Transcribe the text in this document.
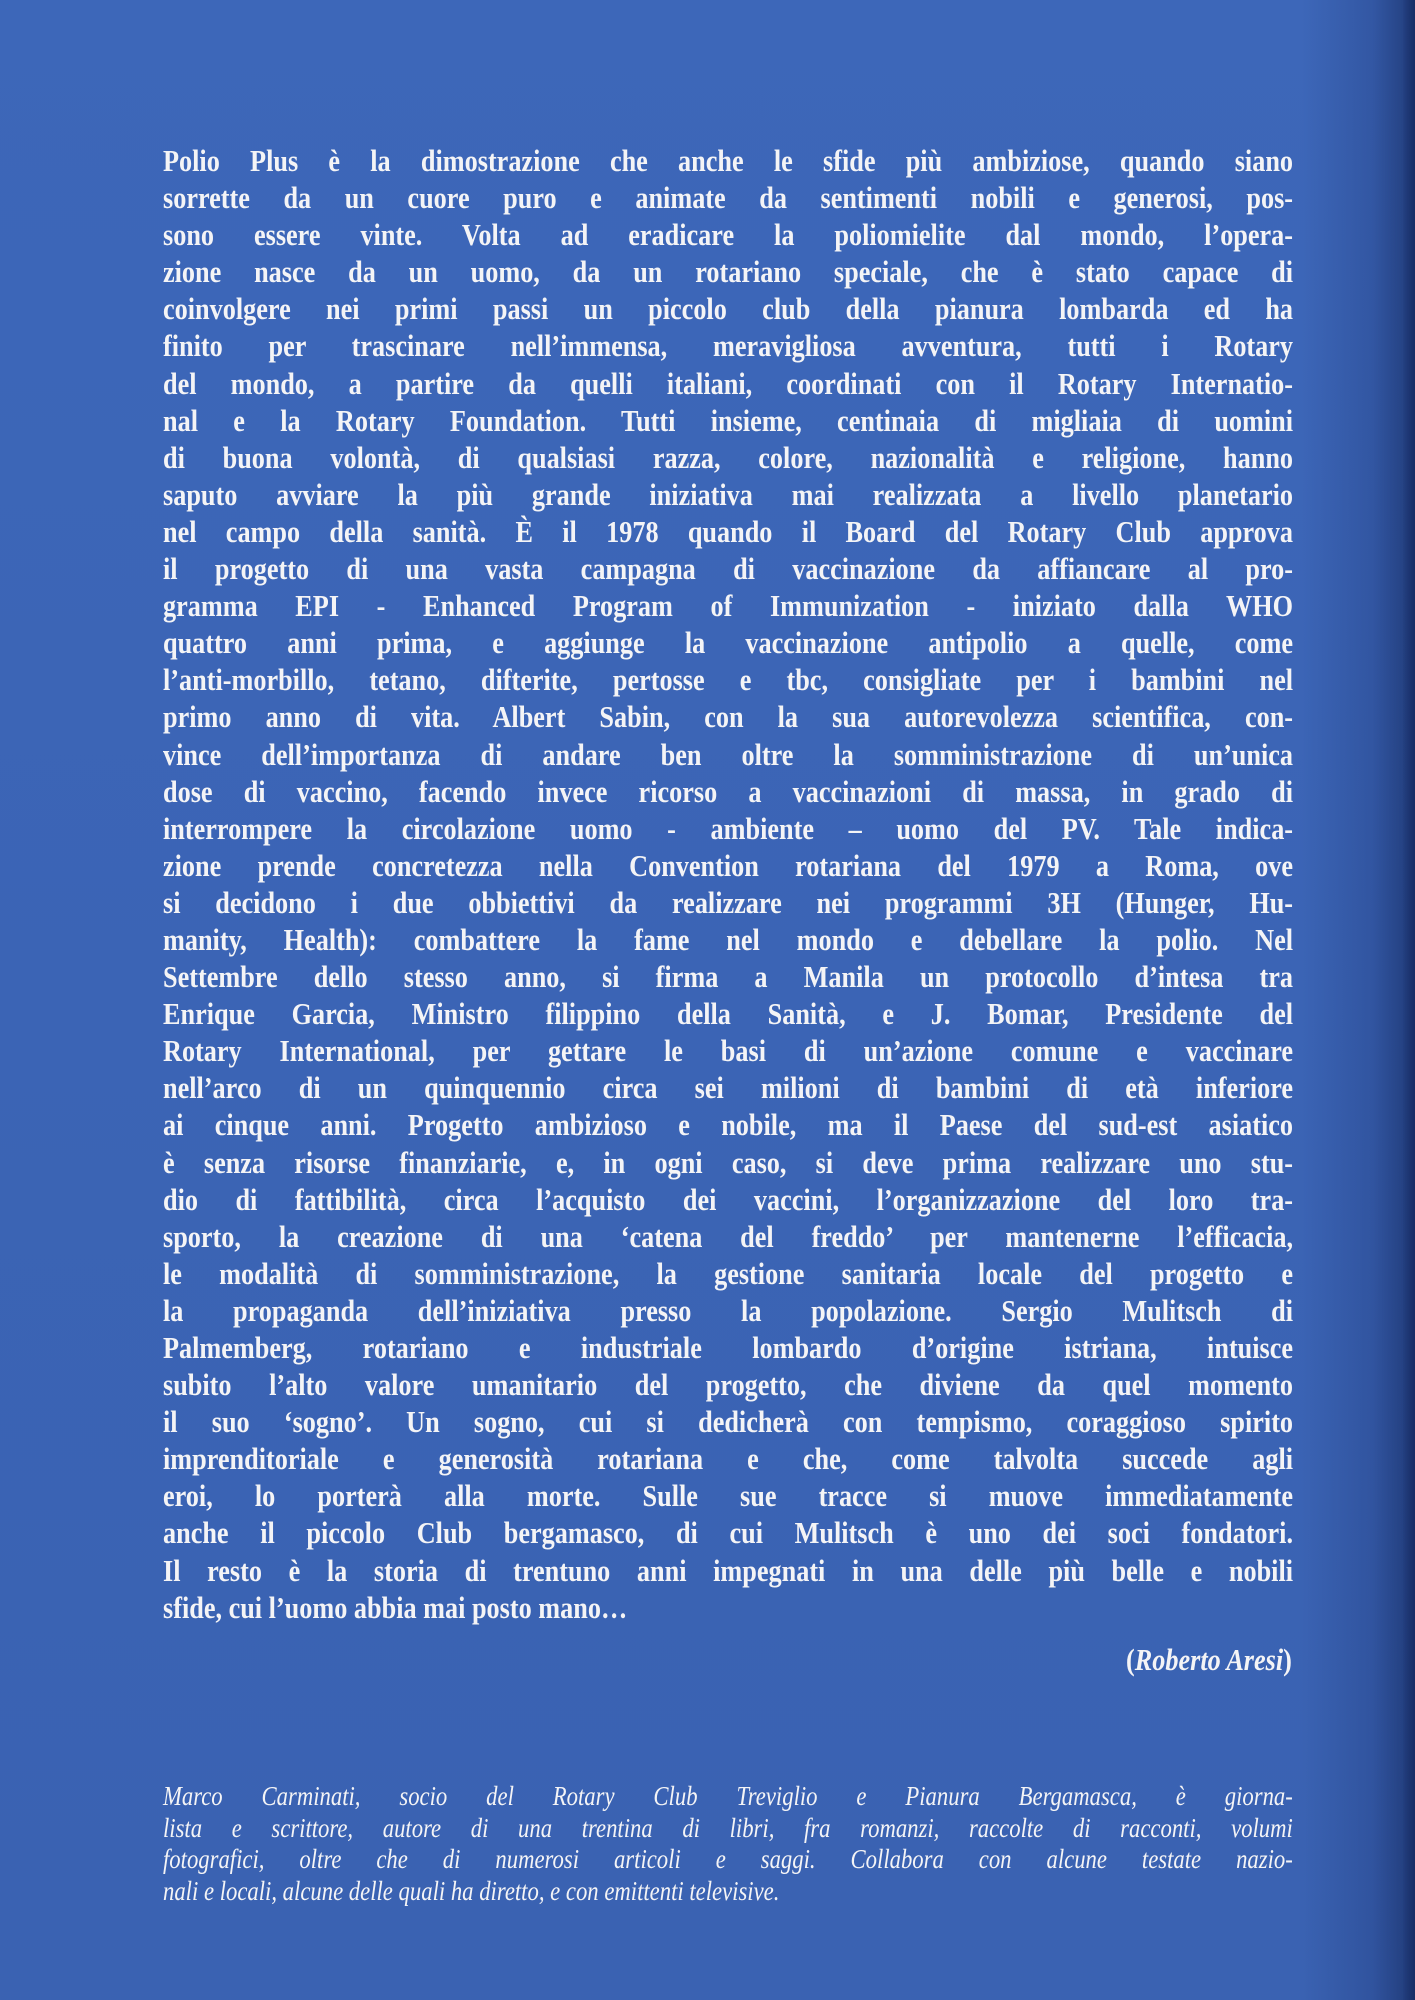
Polio Plus è la dimostrazione che anche le sfide più ambiziose, quando siano
sorrette da un cuore puro e animate da sentimenti nobili e generosi, pos-
sono essere vinte. Volta ad eradicare la poliomielite dal mondo, l’opera-
zione nasce da un uomo, da un rotariano speciale, che è stato capace di
coinvolgere nei primi passi un piccolo club della pianura lombarda ed ha
finito per trascinare nell’immensa, meravigliosa avventura, tutti i Rotary
del mondo, a partire da quelli italiani, coordinati con il Rotary Internatio-
nal e la Rotary Foundation. Tutti insieme, centinaia di migliaia di uomini
di buona volontà, di qualsiasi razza, colore, nazionalità e religione, hanno
saputo avviare la più grande iniziativa mai realizzata a livello planetario
nel campo della sanità. È il 1978 quando il Board del Rotary Club approva
il progetto di una vasta campagna di vaccinazione da affiancare al pro-
gramma EPI - Enhanced Program of Immunization - iniziato dalla WHO
quattro anni prima, e aggiunge la vaccinazione antipolio a quelle, come
l’anti-morbillo, tetano, difterite, pertosse e tbc, consigliate per i bambini nel
primo anno di vita. Albert Sabin, con la sua autorevolezza scientifica, con-
vince dell’importanza di andare ben oltre la somministrazione di un’unica
dose di vaccino, facendo invece ricorso a vaccinazioni di massa, in grado di
interrompere la circolazione uomo - ambiente – uomo del PV. Tale indica-
zione prende concretezza nella Convention rotariana del 1979 a Roma, ove
si decidono i due obbiettivi da realizzare nei programmi 3H (Hunger, Hu-
manity, Health): combattere la fame nel mondo e debellare la polio. Nel
Settembre dello stesso anno, si firma a Manila un protocollo d’intesa tra
Enrique Garcia, Ministro filippino della Sanità, e J. Bomar, Presidente del
Rotary International, per gettare le basi di un’azione comune e vaccinare
nell’arco di un quinquennio circa sei milioni di bambini di età inferiore
ai cinque anni. Progetto ambizioso e nobile, ma il Paese del sud-est asiatico
è senza risorse finanziarie, e, in ogni caso, si deve prima realizzare uno stu-
dio di fattibilità, circa l’acquisto dei vaccini, l’organizzazione del loro tra-
sporto, la creazione di una ‘catena del freddo’ per mantenerne l’efficacia,
le modalità di somministrazione, la gestione sanitaria locale del progetto e
la propaganda dell’iniziativa presso la popolazione. Sergio Mulitsch di
Palmemberg, rotariano e industriale lombardo d’origine istriana, intuisce
subito l’alto valore umanitario del progetto, che diviene da quel momento
il suo ‘sogno’. Un sogno, cui si dedicherà con tempismo, coraggioso spirito
imprenditoriale e generosità rotariana e che, come talvolta succede agli
eroi, lo porterà alla morte. Sulle sue tracce si muove immediatamente
anche il piccolo Club bergamasco, di cui Mulitsch è uno dei soci fondatori.
Il resto è la storia di trentuno anni impegnati in una delle più belle e nobili
sfide, cui l’uomo abbia mai posto mano…
(Roberto Aresi)
Marco Carminati, socio del Rotary Club Treviglio e Pianura Bergamasca, è giorna-
lista e scrittore, autore di una trentina di libri, fra romanzi, raccolte di racconti, volumi
fotografici, oltre che di numerosi articoli e saggi. Collabora con alcune testate nazio-
nali e locali, alcune delle quali ha diretto, e con emittenti televisive.
